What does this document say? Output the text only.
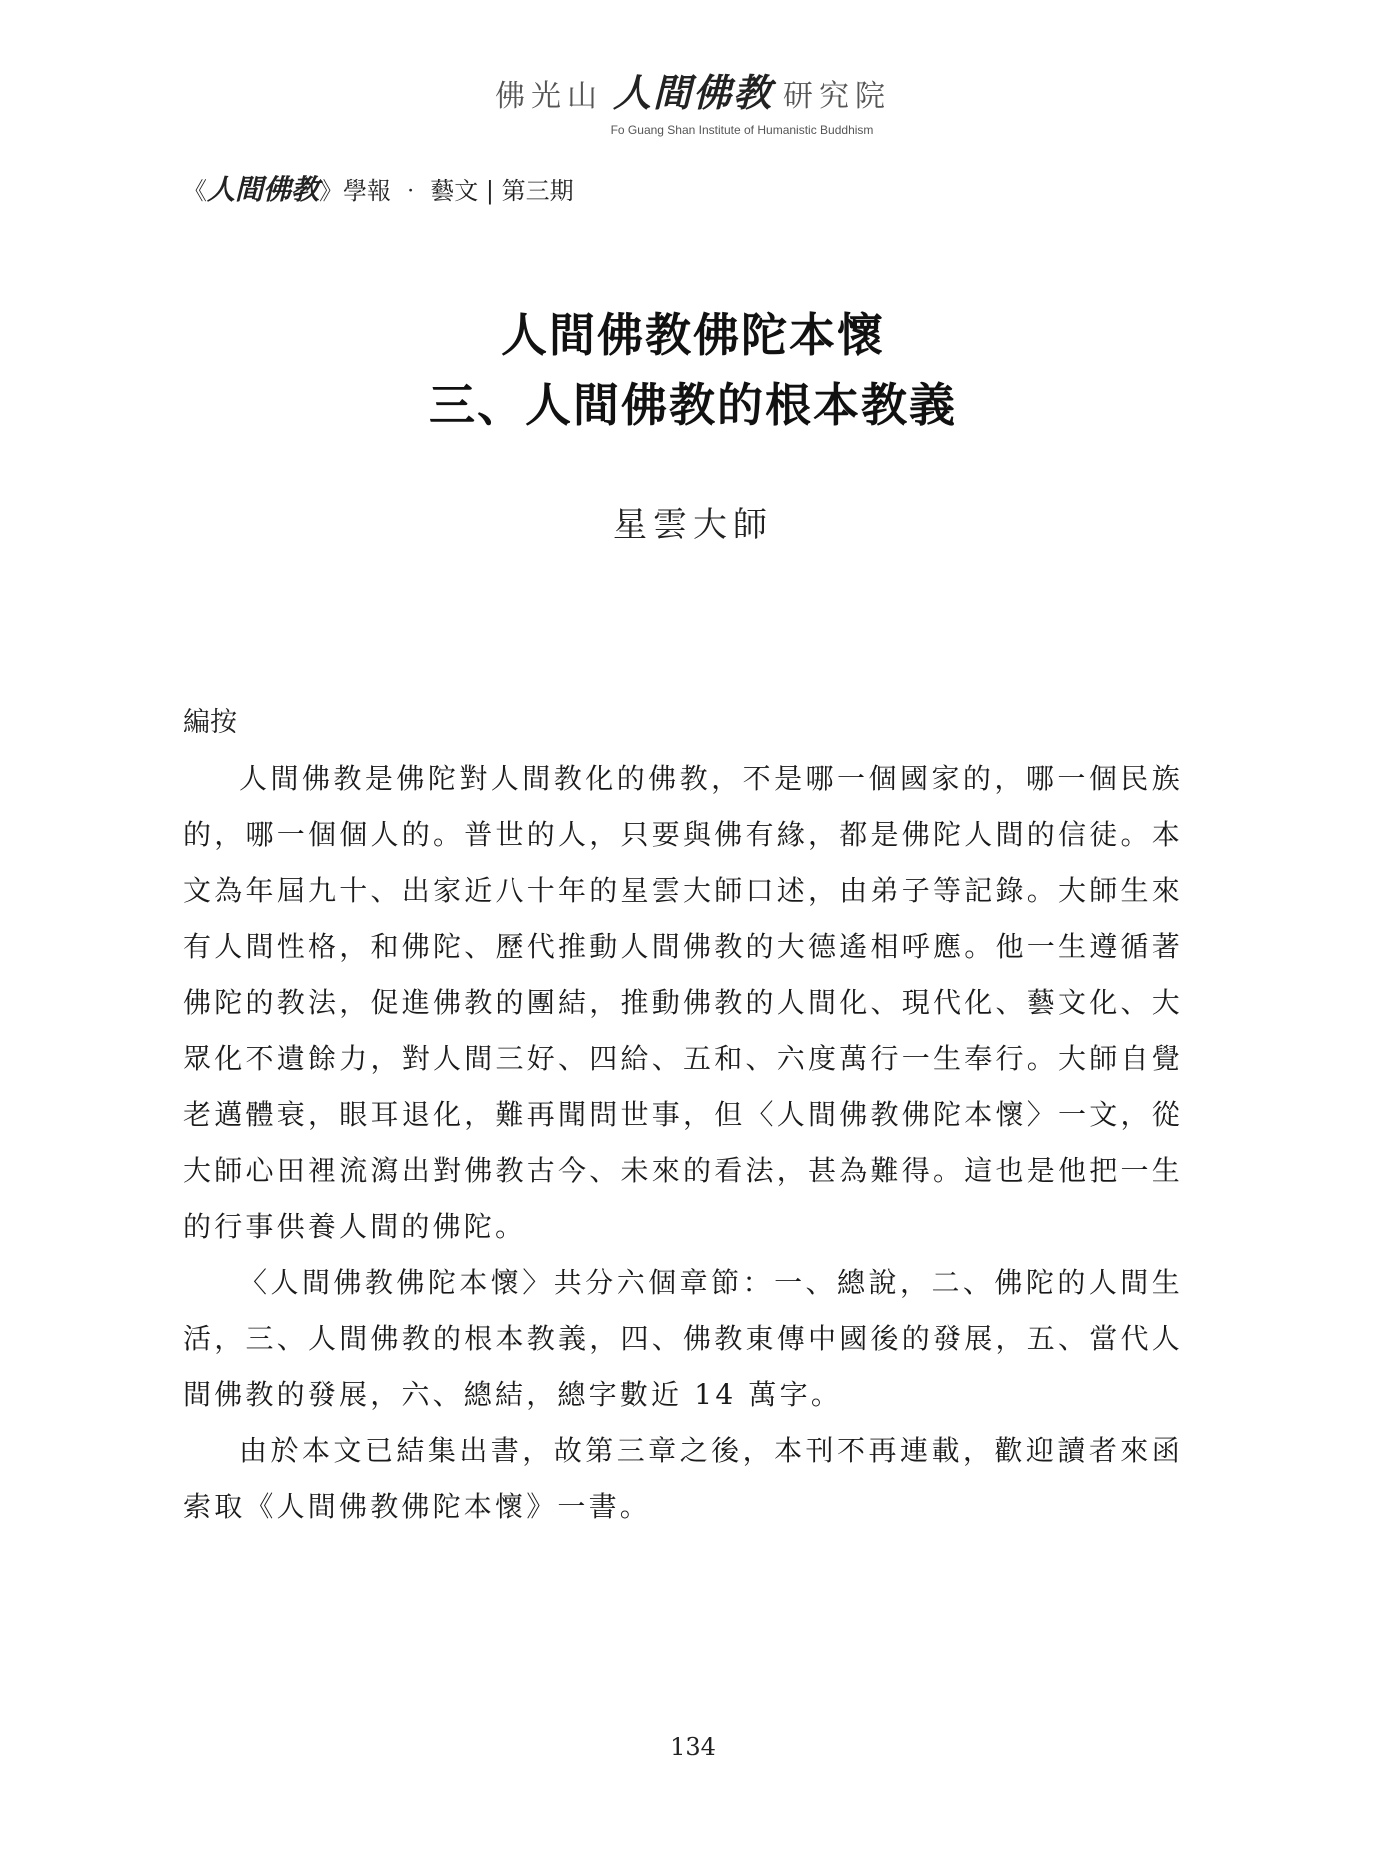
佛光山 人間佛教 研究院
Fo Guang Shan Institute of Humanistic Buddhism
《人間佛教》學報 ‧ 藝文 | 第三期
人間佛教佛陀本懷
三、人間佛教的根本教義
星雲大師
編按

人間佛教是佛陀對人間教化的佛教，不是哪一個國家的，哪一個民族的，哪一個個人的。普世的人，只要與佛有緣，都是佛陀人間的信徒。本文為年屆九十、出家近八十年的星雲大師口述，由弟子等記錄。大師生來有人間性格，和佛陀、歷代推動人間佛教的大德遙相呼應。他一生遵循著佛陀的教法，促進佛教的團結，推動佛教的人間化、現代化、藝文化、大眾化不遺餘力，對人間三好、四給、五和、六度萬行一生奉行。大師自覺老邁體衰，眼耳退化，難再聞問世事，但〈人間佛教佛陀本懷〉一文，從大師心田裡流瀉出對佛教古今、未來的看法，甚為難得。這也是他把一生的行事供養人間的佛陀。

〈人間佛教佛陀本懷〉共分六個章節：一、總說，二、佛陀的人間生活，三、人間佛教的根本教義，四、佛教東傳中國後的發展，五、當代人間佛教的發展，六、總結，總字數近 14 萬字。

由於本文已結集出書，故第三章之後，本刊不再連載，歡迎讀者來函索取《人間佛教佛陀本懷》一書。

134
